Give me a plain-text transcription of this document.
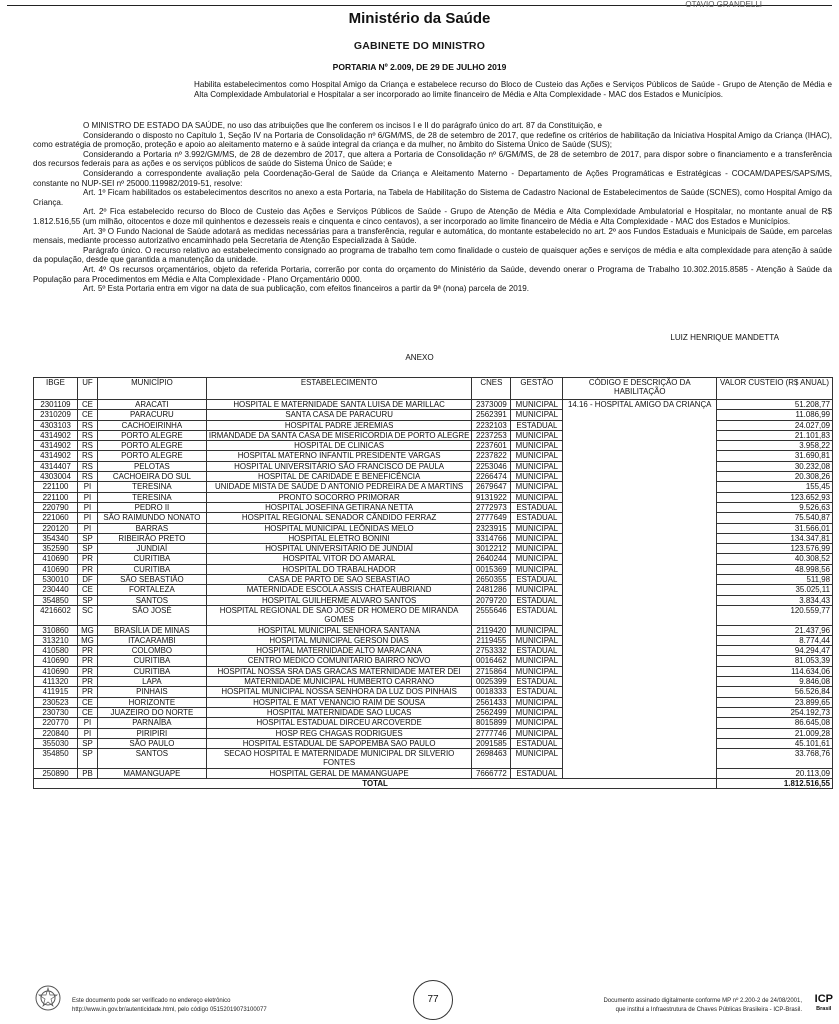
OTAVIO GRANDELLI
Ministério da Saúde
GABINETE DO MINISTRO
PORTARIA Nº 2.009, DE 29 DE JULHO 2019
Habilita estabelecimentos como Hospital Amigo da Criança e estabelece recurso do Bloco de Custeio das Ações e Serviços Públicos de Saúde - Grupo de Atenção de Média e Alta Complexidade Ambulatorial e Hospitalar a ser incorporado ao limite financeiro de Média e Alta Complexidade - MAC dos Estados e Municípios.

O MINISTRO DE ESTADO DA SAÚDE, no uso das atribuições que lhe conferem os incisos I e II do parágrafo único do art. 87 da Constituição, e

Considerando o disposto no Capítulo 1, Seção IV na Portaria de Consolidação nº 6/GM/MS, de 28 de setembro de 2017, que redefine os critérios de habilitação da Iniciativa Hospital Amigo da Criança (IHAC), como estratégia de promoção, proteção e apoio ao aleitamento materno e à saúde integral da criança e da mulher, no âmbito do Sistema Único de Saúde (SUS);

Considerando a Portaria nº 3.992/GM/MS, de 28 de dezembro de 2017, que altera a Portaria de Consolidação nº 6/GM/MS, de 28 de setembro de 2017, para dispor sobre o financiamento e a transferência dos recursos federais para as ações e os serviços públicos de saúde do Sistema Único de Saúde; e

Considerando a correspondente avaliação pela Coordenação-Geral de Saúde da Criança e Aleitamento Materno - Departamento de Ações Programáticas e Estratégicas - COCAM/DAPES/SAPS/MS, constante no NUP-SEI nº 25000.119982/2019-51, resolve:

Art. 1º Ficam habilitados os estabelecimentos descritos no anexo a esta Portaria, na Tabela de Habilitação do Sistema de Cadastro Nacional de Estabelecimentos de Saúde (SCNES), como Hospital Amigo da Criança.

Art. 2º Fica estabelecido recurso do Bloco de Custeio das Ações e Serviços Públicos de Saúde - Grupo de Atenção de Média e Alta Complexidade Ambulatorial e Hospitalar, no montante anual de R$ 1.812.516,55 (um milhão, oitocentos e doze mil quinhentos e dezesseis reais e cinquenta e cinco centavos), a ser incorporado ao limite financeiro de Média e Alta Complexidade - MAC dos Estados e Municípios.

Art. 3º O Fundo Nacional de Saúde adotará as medidas necessárias para a transferência, regular e automática, do montante estabelecido no art. 2º aos Fundos Estaduais e Municipais de Saúde, em parcelas mensais, mediante processo autorizativo encaminhado pela Secretaria de Atenção Especializada à Saúde.

Parágrafo único. O recurso relativo ao estabelecimento consignado ao programa de trabalho tem como finalidade o custeio de quaisquer ações e serviços de média e alta complexidade para atenção à saúde da população, desde que garantida a manutenção da unidade.

Art. 4º Os recursos orçamentários, objeto da referida Portaria, correrão por conta do orçamento do Ministério da Saúde, devendo onerar o Programa de Trabalho 10.302.2015.8585 - Atenção à Saúde da População para Procedimentos em Média e Alta Complexidade - Plano Orçamentário 0000.

Art. 5º Esta Portaria entra em vigor na data de sua publicação, com efeitos financeiros a partir da 9ª (nona) parcela de 2019.

LUIZ HENRIQUE MANDETTA
ANEXO
IBGE	UF	MUNICÍPIO	ESTABELECIMENTO	CNES	GESTÃO	CÓDIGO E DESCRIÇÃO DA HABILITAÇÃO	VALOR CUSTEIO (R$ ANUAL)
2301109	CE	ARACATI	HOSPITAL E MATERNIDADE SANTA LUISA DE MARILLAC	2373009	MUNICIPAL	14.16 - HOSPITAL AMIGO DA CRIANÇA	51.208,77
2310209	CE	PARACURU	SANTA CASA DE PARACURU	2562391	MUNICIPAL		11.086,99
4303103	RS	CACHOEIRINHA	HOSPITAL PADRE JEREMIAS	2232103	ESTADUAL		24.027,09
4314902	RS	PORTO ALEGRE	IRMANDADE DA SANTA CASA DE MISERICORDIA DE PORTO ALEGRE	2237253	MUNICIPAL		21.101,83
4314902	RS	PORTO ALEGRE	HOSPITAL DE CLINICAS	2237601	MUNICIPAL		3.958,22
4314902	RS	PORTO ALEGRE	HOSPITAL MATERNO INFANTIL PRESIDENTE VARGAS	2237822	MUNICIPAL		31.690,81
4314407	RS	PELOTAS	HOSPITAL UNIVERSITÁRIO SÃO FRANCISCO DE PAULA	2253046	MUNICIPAL		30.232,08
4303004	RS	CACHOEIRA DO SUL	HOSPITAL DE CARIDADE E BENEFICÊNCIA	2266474	MUNICIPAL		20.308,26
221100	PI	TERESINA	UNIDADE MISTA DE SAÚDE D ANTONIO PEDREIRA DE A MARTINS	2679647	MUNICIPAL		155,45
221100	PI	TERESINA	PRONTO SOCORRO PRIMORAR	9131922	MUNICIPAL		123.652,93
220790	PI	PEDRO II	HOSPITAL JOSEFINA GETIRANA NETTA	2772973	ESTADUAL		9.526,63
221060	PI	SÃO RAIMUNDO NONATO	HOSPITAL REGIONAL SENADOR CÂNDIDO FERRAZ	2777649	ESTADUAL		75.540,87
220120	PI	BARRAS	HOSPITAL MUNICIPAL LEÔNIDAS MELO	2323915	MUNICIPAL		31.566,01
354340	SP	RIBEIRÃO PRETO	HOSPITAL ELETRO BONINI	3314766	MUNICIPAL		134.347,81
352590	SP	JUNDIAÍ	HOSPITAL UNIVERSITÁRIO DE JUNDIAÍ	3012212	MUNICIPAL		123.576,99
410690	PR	CURITIBA	HOSPITAL VITOR DO AMARAL	2640244	MUNICIPAL		40.308,52
410690	PR	CURITIBA	HOSPITAL DO TRABALHADOR	0015369	MUNICIPAL		48.998,56
530010	DF	SÃO SEBASTIÃO	CASA DE PARTO DE SAO SEBASTIAO	2650355	ESTADUAL		511,98
230440	CE	FORTALEZA	MATERNIDADE ESCOLA ASSIS CHATEAUBRIAND	2481286	MUNICIPAL		35.025,11
354850	SP	SANTOS	HOSPITAL GUILHERME ALVARO SANTOS	2079720	ESTADUAL		3.834,43
4216602	SC	SÃO JOSÉ	HOSPITAL REGIONAL DE SAO JOSE DR HOMERO DE MIRANDA GOMES	2555646	ESTADUAL		120.559,77
310860	MG	BRASÍLIA DE MINAS	HOSPITAL MUNICIPAL SENHORA SANTANA	2119420	MUNICIPAL		21.437,96
313210	MG	ITACARAMBI	HOSPITAL MUNICIPAL GERSON DIAS	2119455	MUNICIPAL		8.774,44
410580	PR	COLOMBO	HOSPITAL MATERNIDADE ALTO MARACANA	2753332	ESTADUAL		94.294,47
410690	PR	CURITIBA	CENTRO MEDICO COMUNITARIO BAIRRO NOVO	0016462	MUNICIPAL		81.053,39
410690	PR	CURITIBA	HOSPITAL NOSSA SRA DAS GRACAS MATERNIDADE MATER DEI	2715864	MUNICIPAL		114.634,06
411320	PR	LAPA	MATERNIDADE MUNICIPAL HUMBERTO CARRANO	0025399	ESTADUAL		9.846,08
411915	PR	PINHAIS	HOSPITAL MUNICIPAL NOSSA SENHORA DA LUZ DOS PINHAIS	0018333	ESTADUAL		56.526,84
230523	CE	HORIZONTE	HOSPITAL E MAT VENANCIO RAIM DE SOUSA	2561433	MUNICIPAL		23.899,65
230730	CE	JUAZEIRO DO NORTE	HOSPITAL MATERNIDADE SAO LUCAS	2562499	MUNICIPAL		254.192,73
220770	PI	PARNAÍBA	HOSPITAL ESTADUAL DIRCEU ARCOVERDE	8015899	MUNICIPAL		86.645,08
220840	PI	PIRIPIRI	HOSP REG CHAGAS RODRIGUES	2777746	MUNICIPAL		21.009,28
355030	SP	SÃO PAULO	HOSPITAL ESTADUAL DE SAPOPEMBA SAO PAULO	2091585	ESTADUAL		45.101,61
354850	SP	SANTOS	SECAO HOSPITAL E MATERNIDADE MUNICIPAL DR SILVERIO FONTES	2698463	MUNICIPAL		33.768,76
250890	PB	MAMANGUAPE	HOSPITAL GERAL DE MAMANGUAPE	7666772	ESTADUAL		20.113,09
TOTAL							1.812.516,55
Este documento pode ser verificado no endereço eletrônico
http://www.in.gov.br/autenticidade.html, pelo código 05152019073100077
77	Documento assinado digitalmente conforme MP nº 2.200-2 de 24/08/2001,
que institui a Infraestrutura de Chaves Públicas Brasileira - ICP-Brasil.
ICP
Brasil
